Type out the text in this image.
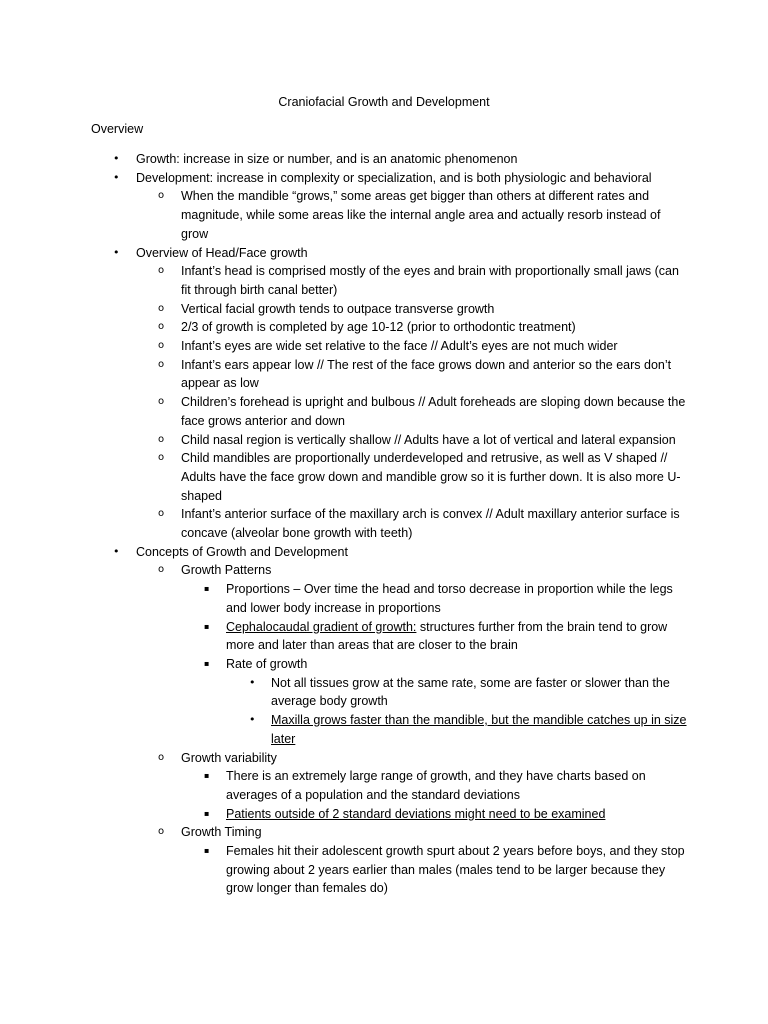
Craniofacial Growth and Development
Overview
• Growth: increase in size or number, and is an anatomic phenomenon
• Development: increase in complexity or specialization, and is both physiologic and behavioral
o When the mandible “grows,” some areas get bigger than others at different rates and magnitude, while some areas like the internal angle area and actually resorb instead of grow
• Overview of Head/Face growth
o Infant’s head is comprised mostly of the eyes and brain with proportionally small jaws (can fit through birth canal better)
o Vertical facial growth tends to outpace transverse growth
o 2/3 of growth is completed by age 10-12 (prior to orthodontic treatment)
o Infant’s eyes are wide set relative to the face // Adult’s eyes are not much wider
o Infant’s ears appear low // The rest of the face grows down and anterior so the ears don’t appear as low
o Children’s forehead is upright and bulbous // Adult foreheads are sloping down because the face grows anterior and down
o Child nasal region is vertically shallow // Adults have a lot of vertical and lateral expansion
o Child mandibles are proportionally underdeveloped and retrusive, as well as V shaped // Adults have the face grow down and mandible grow so it is further down. It is also more U-shaped
o Infant’s anterior surface of the maxillary arch is convex // Adult maxillary anterior surface is concave (alveolar bone growth with teeth)
• Concepts of Growth and Development
o Growth Patterns
▪ Proportions – Over time the head and torso decrease in proportion while the legs and lower body increase in proportions
▪ Cephalocaudal gradient of growth: structures further from the brain tend to grow more and later than areas that are closer to the brain
▪ Rate of growth
• Not all tissues grow at the same rate, some are faster or slower than the average body growth
• Maxilla grows faster than the mandible, but the mandible catches up in size later
o Growth variability
▪ There is an extremely large range of growth, and they have charts based on averages of a population and the standard deviations
▪ Patients outside of 2 standard deviations might need to be examined
o Growth Timing
▪ Females hit their adolescent growth spurt about 2 years before boys, and they stop growing about 2 years earlier than males (males tend to be larger because they grow longer than females do)
